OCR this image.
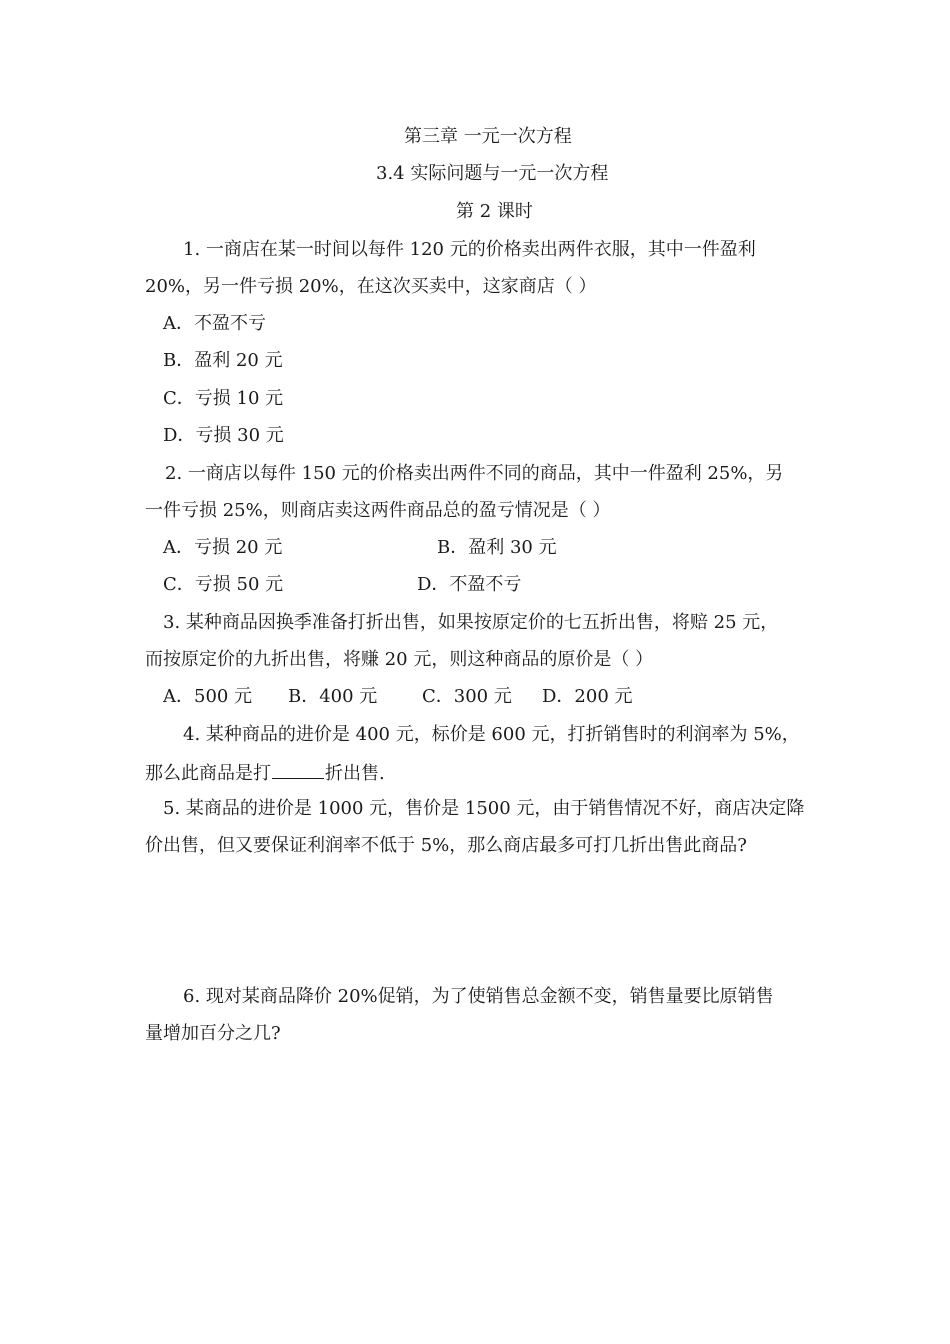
第三章 一元一次方程
3.4 实际问题与一元一次方程
第 2 课时
1. 一商店在某一时间以每件 120 元的价格卖出两件衣服，其中一件盈利
20%，另一件亏损 20%，在这次买卖中，这家商店（ ）
A．不盈不亏
B．盈利 20 元
C．亏损 10 元
D．亏损 30 元
2. 一商店以每件 150 元的价格卖出两件不同的商品，其中一件盈利 25%，另
一件亏损 25%，则商店卖这两件商品总的盈亏情况是（ ）
A．亏损 20 元	B．盈利 30 元
C．亏损 50 元	D．不盈不亏
3. 某种商品因换季准备打折出售，如果按原定价的七五折出售，将赔 25 元，
而按原定价的九折出售，将赚 20 元，则这种商品的原价是（ ）
A．500 元 B．400 元 C．300 元 D．200 元
4. 某种商品的进价是 400 元，标价是 600 元，打折销售时的利润率为 5%，
那么此商品是打	折出售.
5. 某商品的进价是 1000 元，售价是 1500 元，由于销售情况不好，商店决定降
价出售，但又要保证利润率不低于 5%，那么商店最多可打几折出售此商品?
6. 现对某商品降价 20%促销，为了使销售总金额不变，销售量要比原销售
量增加百分之几?
